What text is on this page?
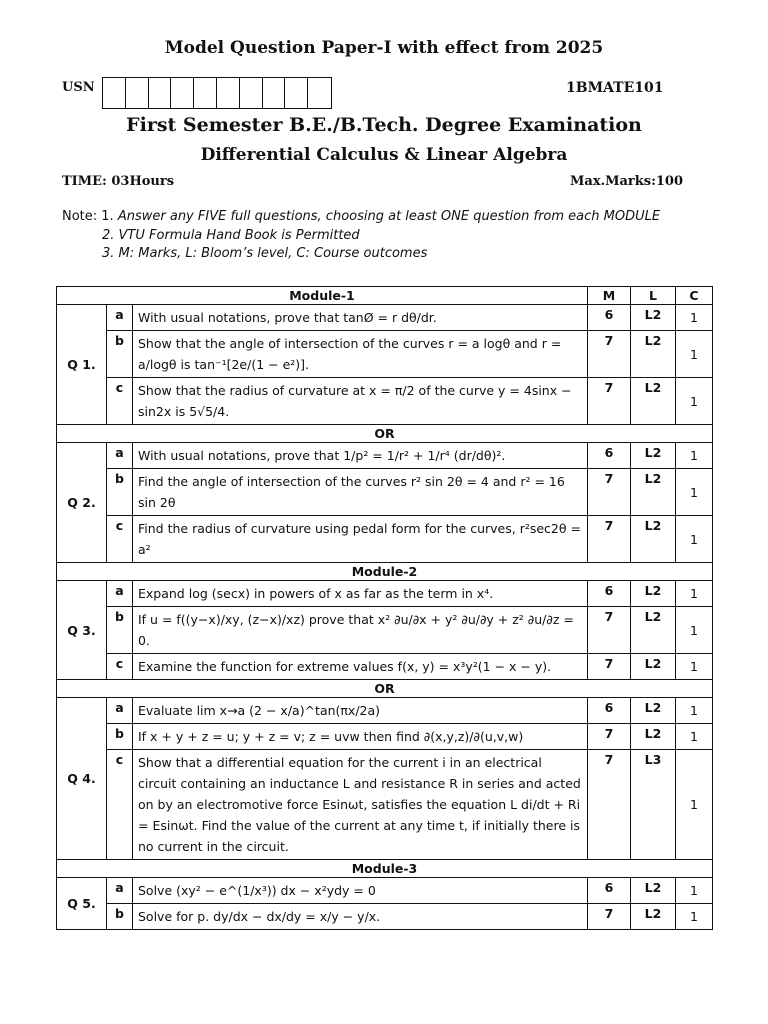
Model Question Paper-I with effect from 2025
USN	1BMATE101
First Semester B.E./B.Tech. Degree Examination
Differential Calculus & Linear Algebra
TIME: 03Hours	Max.Marks:100
Note: 1. Answer any FIVE full questions, choosing at least ONE question from each MODULE
2. VTU Formula Hand Book is Permitted
3. M: Marks, L: Bloom’s level, C: Course outcomes
Module-1			M	L	C
Q 1.	a	With usual notations, prove that tanØ = r dθ/dr.	6	L2	1
	b	Show that the angle of intersection of the curves r = a logθ and r = a/logθ is tan⁻¹[2e/(1 − e²)].	7	L2	1
	c	Show that the radius of curvature at x = π/2 of the curve y = 4sinx − sin2x is 5√5/4.	7	L2	1
OR					
Q 2.	a	With usual notations, prove that 1/p² = 1/r² + 1/r⁴ (dr/dθ)².	6	L2	1
	b	Find the angle of intersection of the curves r² sin 2θ = 4 and r² = 16 sin 2θ	7	L2	1
	c	Find the radius of curvature using pedal form for the curves, r²sec2θ = a²	7	L2	1
Module-2					
Q 3.	a	Expand log (secx) in powers of x as far as the term in x⁴.	6	L2	1
	b	If u = f((y−x)/xy, (z−x)/xz) prove that x² ∂u/∂x + y² ∂u/∂y + z² ∂u/∂z = 0.	7	L2	1
	c	Examine the function for extreme values f(x, y) = x³y²(1 − x − y).	7	L2	1
OR					
Q 4.	a	Evaluate lim x→a (2 − x/a)^tan(πx/2a)	6	L2	1
	b	If x + y + z = u; y + z = v; z = uvw then find ∂(x,y,z)/∂(u,v,w)	7	L2	1
	c	Show that a differential equation for the current i in an electrical circuit containing an inductance L and resistance R in series and acted on by an electromotive force Esinωt, satisfies the equation L di/dt + Ri = Esinωt. Find the value of the current at any time t, if initially there is no current in the circuit.	7	L3	1
Module-3					
Q 5.	a	Solve (xy² − e^(1/x³)) dx − x²ydy = 0	6	L2	1
	b	Solve for p. dy/dx − dx/dy = x/y − y/x.	7	L2	1
